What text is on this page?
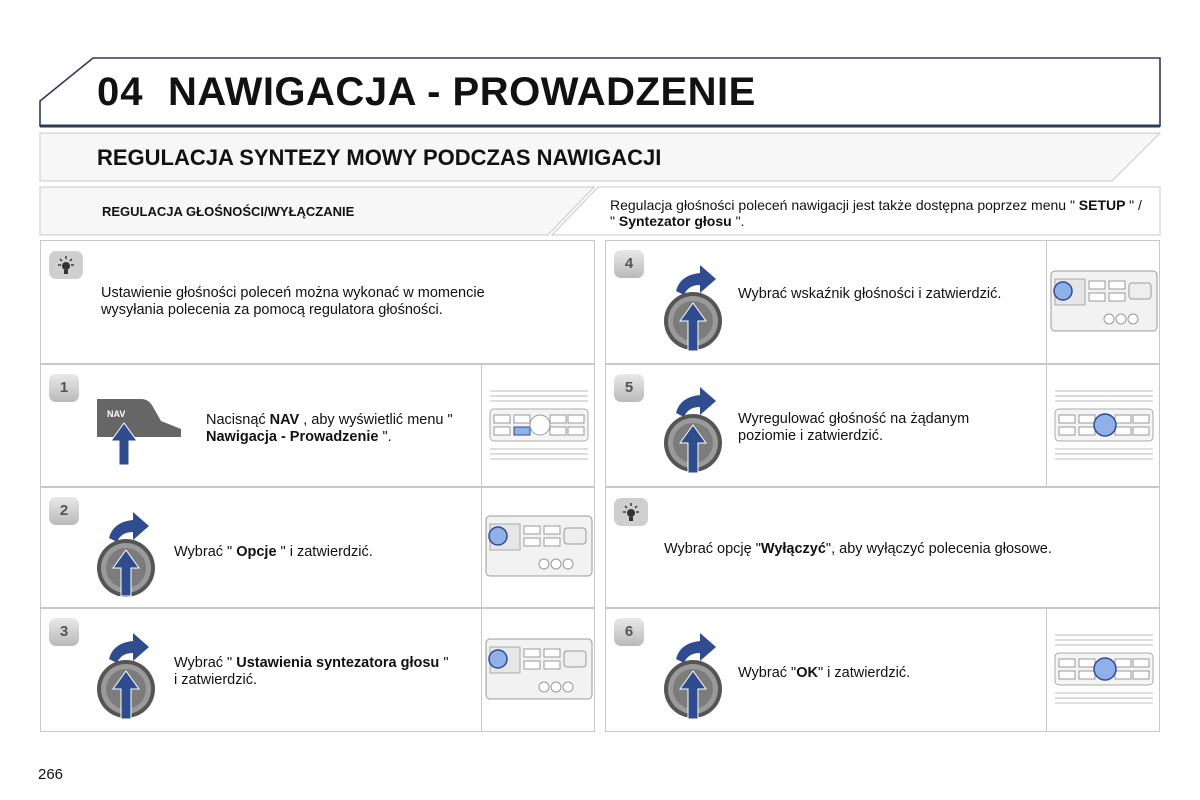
04 NAWIGACJA - PROWADZENIE
REGULACJA SYNTEZY MOWY PODCZAS NAWIGACJI
REGULACJA GŁOŚNOŚCI/WYŁĄCZANIE	Regulacja głośności poleceń nawigacji jest także dostępna poprzez menu " SETUP " / " Syntezator głosu ".
Ustawienie głośności poleceń można wykonać w momencie wysyłania polecenia za pomocą regulatora głośności.
1
NAV	Nacisnąć NAV , aby wyświetlić menu " Nawigacja - Prowadzenie ".
2
Wybrać " Opcje " i zatwierdzić.
3
Wybrać " Ustawienia syntezatora głosu " i zatwierdzić.
4
Wybrać wskaźnik głośności i zatwierdzić.
5
Wyregulować głośność na żądanym poziomie i zatwierdzić.
Wybrać opcję "Wyłączyć", aby wyłączyć polecenia głosowe.
6
Wybrać "OK" i zatwierdzić.
266
